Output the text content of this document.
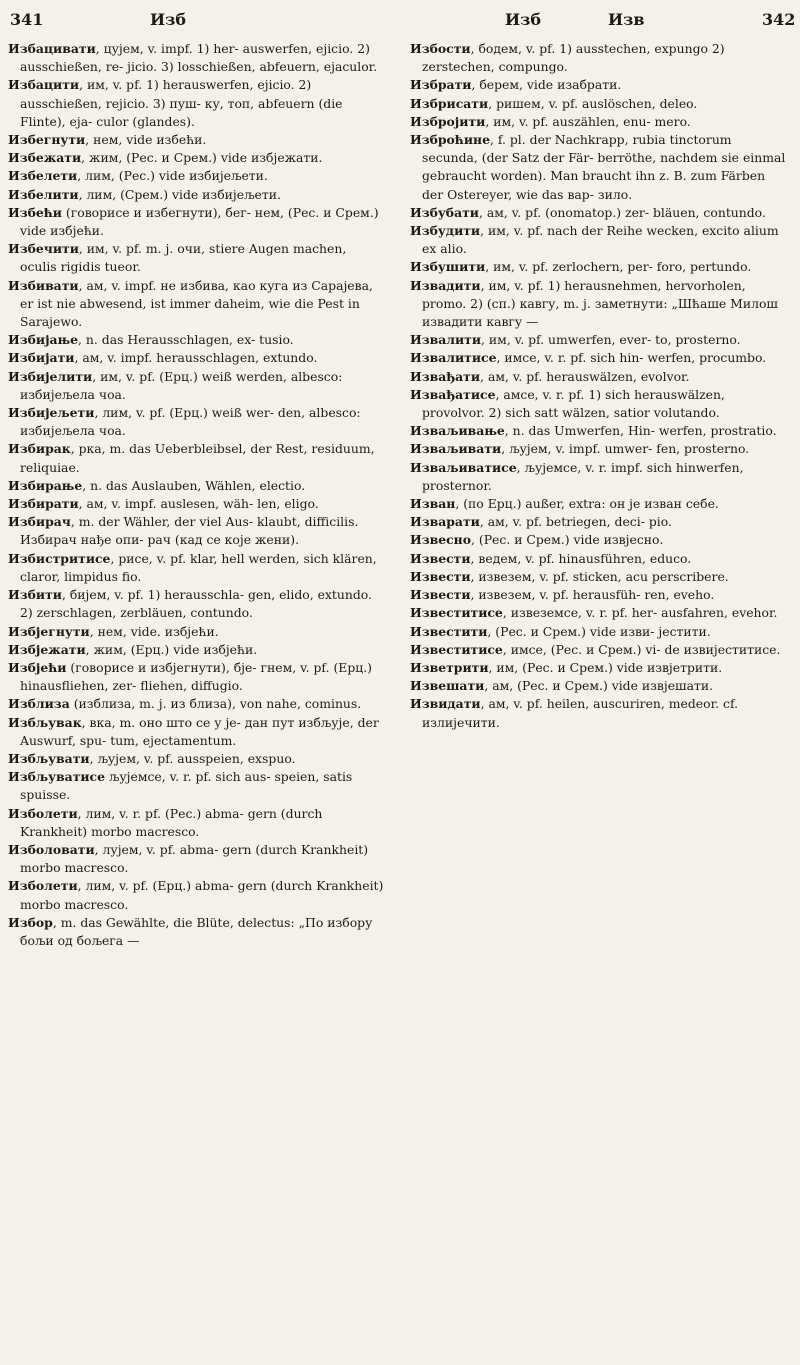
341	Изб	Изб	Изв	342

Избацивати, цујем, v. impf. 1) her- auswerfen, ejicio. 2) ausschießen, re- jicio. 3) losschießen, abfeuern, ejaculor.

Избацити, им, v. pf. 1) herauswerfen, ejicio. 2) ausschießen, rejicio. 3) пуш- ку, топ, abfeuern (die Flinte), eja- culor (glandes).

Избегнути, нем, vide избећи.

Избежати, жим, (Рес. и Срем.) vide избјежати.

Избелети, лим, (Рес.) vide избијељети.

Избелити, лим, (Срем.) vide избијељети.

Избећи (говорисе и избегнути), бег- нем, (Рес. и Срем.) vide избјећи.

Избечити, им, v. pf. m. j. очи, stiere Augen machen, oculis rigidis tueor.

Избивати, ам, v. impf. не избива, као куга из Сарајева, er ist nie abwesend, ist immer daheim, wie die Pest in Sarajewo.

Избијање, n. das Herausschlagen, ex- tusio.

Избијати, ам, v. impf. herausschlagen, extundo.

Избијелити, им, v. pf. (Ерц.) weiß werden, albesco: избијељела чоа.

Избијељети, лим, v. pf. (Ерц.) weiß wer- den, albesco: избијељела чоа.

Избирак, рка, m. das Ueberbleibsel, der Rest, residuum, reliquiae.

Избирање, n. das Auslauben, Wählen, electio.

Избирати, ам, v. impf. auslesen, wäh- len, eligo.

Избирач, m. der Wähler, der viel Aus- klaubt, difficilis. Избирач нађе опи- рач (кад се које жени).

Избистритисе, рисе, v. pf. klar, hell werden, sich klären, claror, limpidus fio.

Избити, бијем, v. pf. 1) herausschla- gen, elido, extundo. 2) zerschlagen, zerbläuen, contundo.

Избјегнути, нем, vide. избјећи.

Избјежати, жим, (Ерц.) vide избјећи.

Избјећи (говорисе и избјегнути), бје- гнем, v. pf. (Ерц.) hinausfliehen, zer- fliehen, diffugio.

Изблиза (изблиза, m. j. из близа), von nahe, cominus.

Избљувак, вка, m. оно што се у је- дан пут избљује, der Auswurf, spu- tum, ejectamentum.

Избљувати, љујем, v. pf. ausspeien, exspuo.

Избљуватисе љујемсе, v. r. pf. sich aus- speien, satis spuisse.

Изболети, лим, v. r. pf. (Рес.) abma- gern (durch Krankheit) morbo macresco.

Изболовати, лујем, v. pf. abma- gern (durch Krankheit) morbo macresco.

Изболети, лим, v. pf. (Ерц.) abma- gern (durch Krankheit) morbo macresco.

Избор, m. das Gewählte, die Blüte, delectus: „По избору бољи од бољега —

Избости, бодем, v. pf. 1) ausstechen, expungo 2) zerstechen, compungo.

Избрати, берем, vide изабрати.

Избрисати, ришем, v. pf. auslöschen, deleo.

Избројити, им, v. pf. auszählen, enu- mero.

Изброћине, f. pl. der Nachkrapp, rubia tinctorum secunda, (der Satz der Fär- berröthe, nachdem sie einmal gebraucht worden). Man braucht ihn z. B. zum Färben der Ostereyer, wie das вар- зило.

Избубати, ам, v. pf. (onomatop.) zer- bläuen, contundo.

Избудити, им, v. pf. nach der Reihe wecken, excito alium ex alio.

Избушити, им, v. pf. zerlochern, per- foro, pertundo.

Извадити, им, v. pf. 1) herausnehmen, hervorholen, promo. 2) (сп.) кавгу, m. j. заметнути: „Шћаше Милош извадити кавгу —

Извалити, им, v. pf. umwerfen, ever- to, prosterno.

Извалитисе, имсе, v. r. pf. sich hin- werfen, procumbo.

Извађати, ам, v. pf. herauswälzen, evolvor.

Извађатисе, амсе, v. r. pf. 1) sich herauswälzen, provolvor. 2) sich satt wälzen, satior volutando.

Изваљивање, n. das Umwerfen, Hin- werfen, prostratio.

Изваљивати, љујем, v. impf. umwer- fen, prosterno.

Изваљиватисе, љујемсе, v. r. impf. sich hinwerfen, prosternor.

Изван, (по Ерц.) außer, extra: он је изван себе.

Изварати, ам, v. pf. betriegen, deci- pio.

Извесно, (Рес. и Срем.) vide извјесно.

Извести, ведем, v. pf. hinausführen, educo.

Извести, извезем, v. pf. sticken, acu perscribere.

Извести, извезем, v. pf. herausfüh- ren, eveho.

Известитисе, извеземсе, v. r. pf. her- ausfahren, evehor.

Известити, (Рес. и Срем.) vide изви- јестити.

Известитисе, имсе, (Рес. и Срем.) vi- de извијеститисе.

Изветрити, им, (Рес. и Срем.) vide извјетрити.

Извешати, ам, (Рес. и Срем.) vide извјешати.

Извидати, ам, v. pf. heilen, auscuriren, medeor. cf. излијечити.
